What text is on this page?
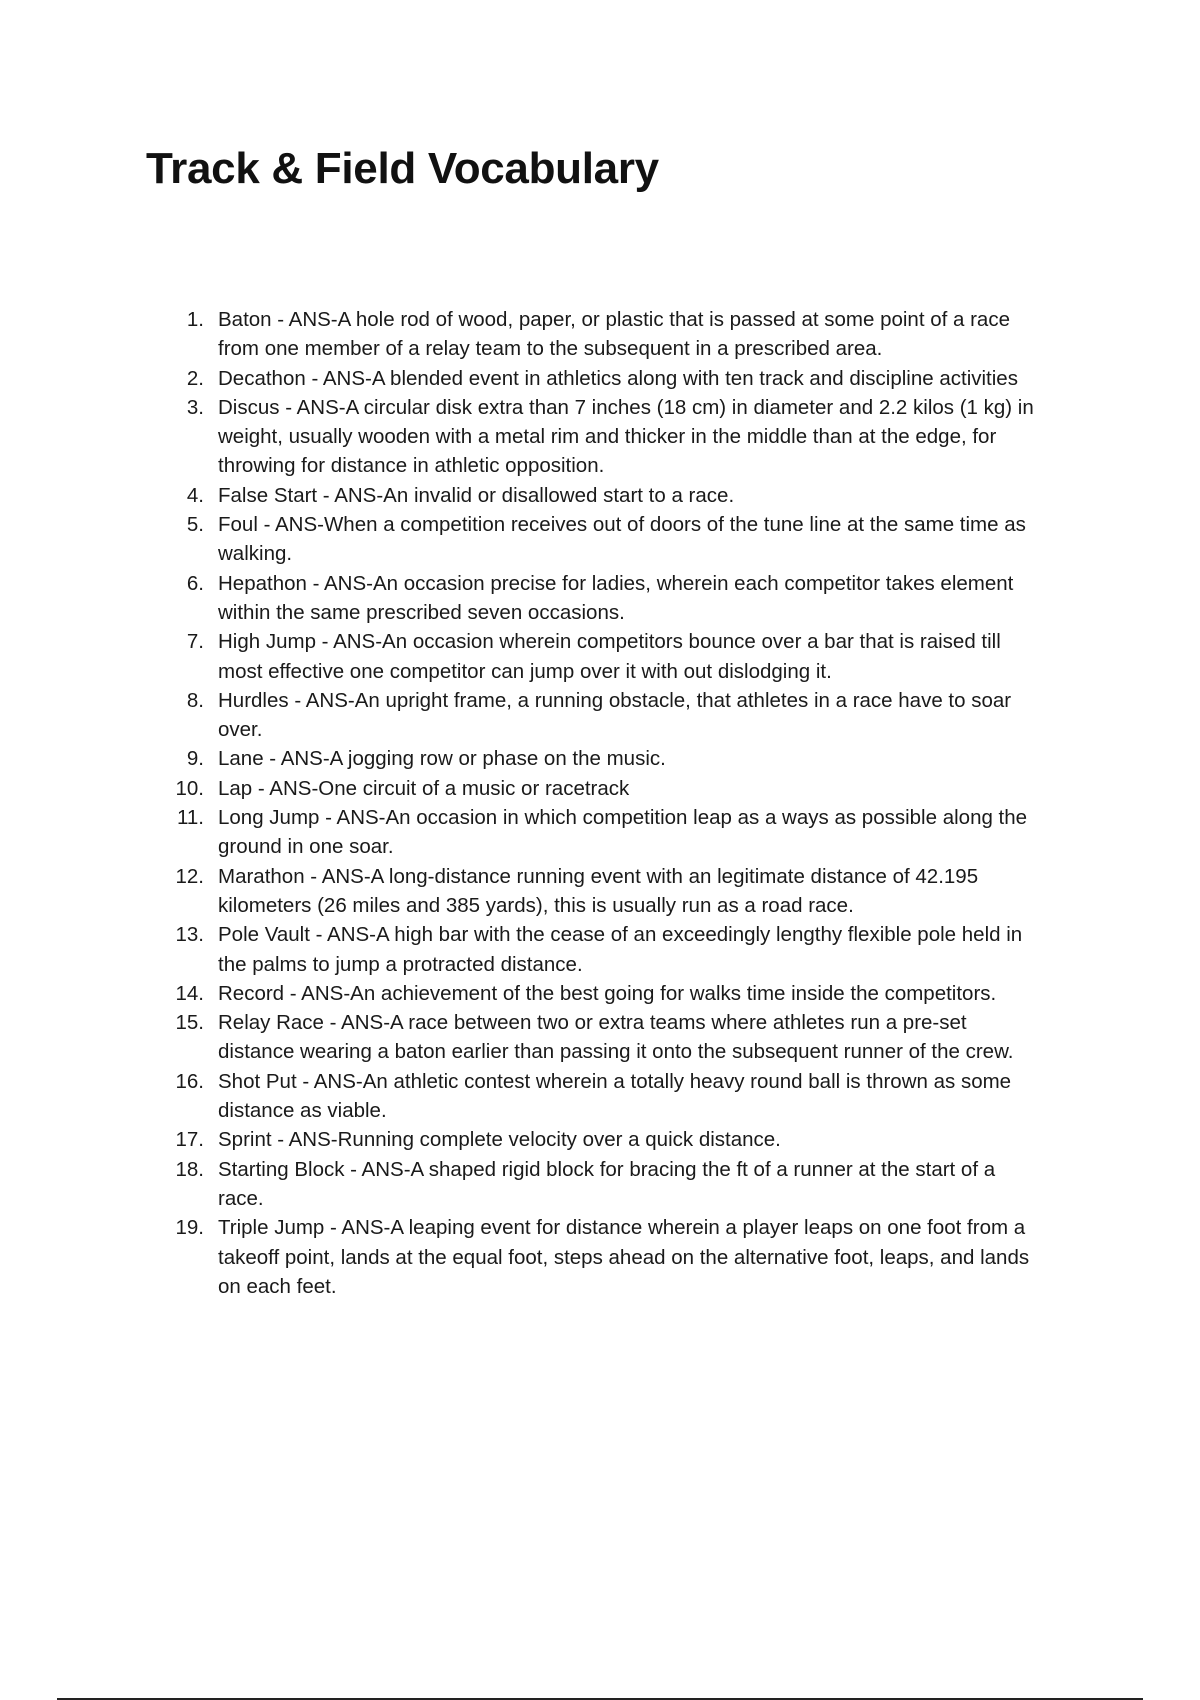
Track & Field Vocabulary
1. Baton - ANS-A hole rod of wood, paper, or plastic that is passed at some point of a race from one member of a relay team to the subsequent in a prescribed area.
2. Decathon - ANS-A blended event in athletics along with ten track and discipline activities
3. Discus - ANS-A circular disk extra than 7 inches (18 cm) in diameter and 2.2 kilos (1 kg) in weight, usually wooden with a metal rim and thicker in the middle than at the edge, for throwing for distance in athletic opposition.
4. False Start - ANS-An invalid or disallowed start to a race.
5. Foul - ANS-When a competition receives out of doors of the tune line at the same time as walking.
6. Hepathon - ANS-An occasion precise for ladies, wherein each competitor takes element within the same prescribed seven occasions.
7. High Jump - ANS-An occasion wherein competitors bounce over a bar that is raised till most effective one competitor can jump over it with out dislodging it.
8. Hurdles - ANS-An upright frame, a running obstacle, that athletes in a race have to soar over.
9. Lane - ANS-A jogging row or phase on the music.
10. Lap - ANS-One circuit of a music or racetrack
11. Long Jump - ANS-An occasion in which competition leap as a ways as possible along the ground in one soar.
12. Marathon - ANS-A long-distance running event with an legitimate distance of 42.195 kilometers (26 miles and 385 yards), this is usually run as a road race.
13. Pole Vault - ANS-A high bar with the cease of an exceedingly lengthy flexible pole held in the palms to jump a protracted distance.
14. Record - ANS-An achievement of the best going for walks time inside the competitors.
15. Relay Race - ANS-A race between two or extra teams where athletes run a pre-set distance wearing a baton earlier than passing it onto the subsequent runner of the crew.
16. Shot Put - ANS-An athletic contest wherein a totally heavy round ball is thrown as some distance as viable.
17. Sprint - ANS-Running complete velocity over a quick distance.
18. Starting Block - ANS-A shaped rigid block for bracing the ft of a runner at the start of a race.
19. Triple Jump - ANS-A leaping event for distance wherein a player leaps on one foot from a takeoff point, lands at the equal foot, steps ahead on the alternative foot, leaps, and lands on each feet.
